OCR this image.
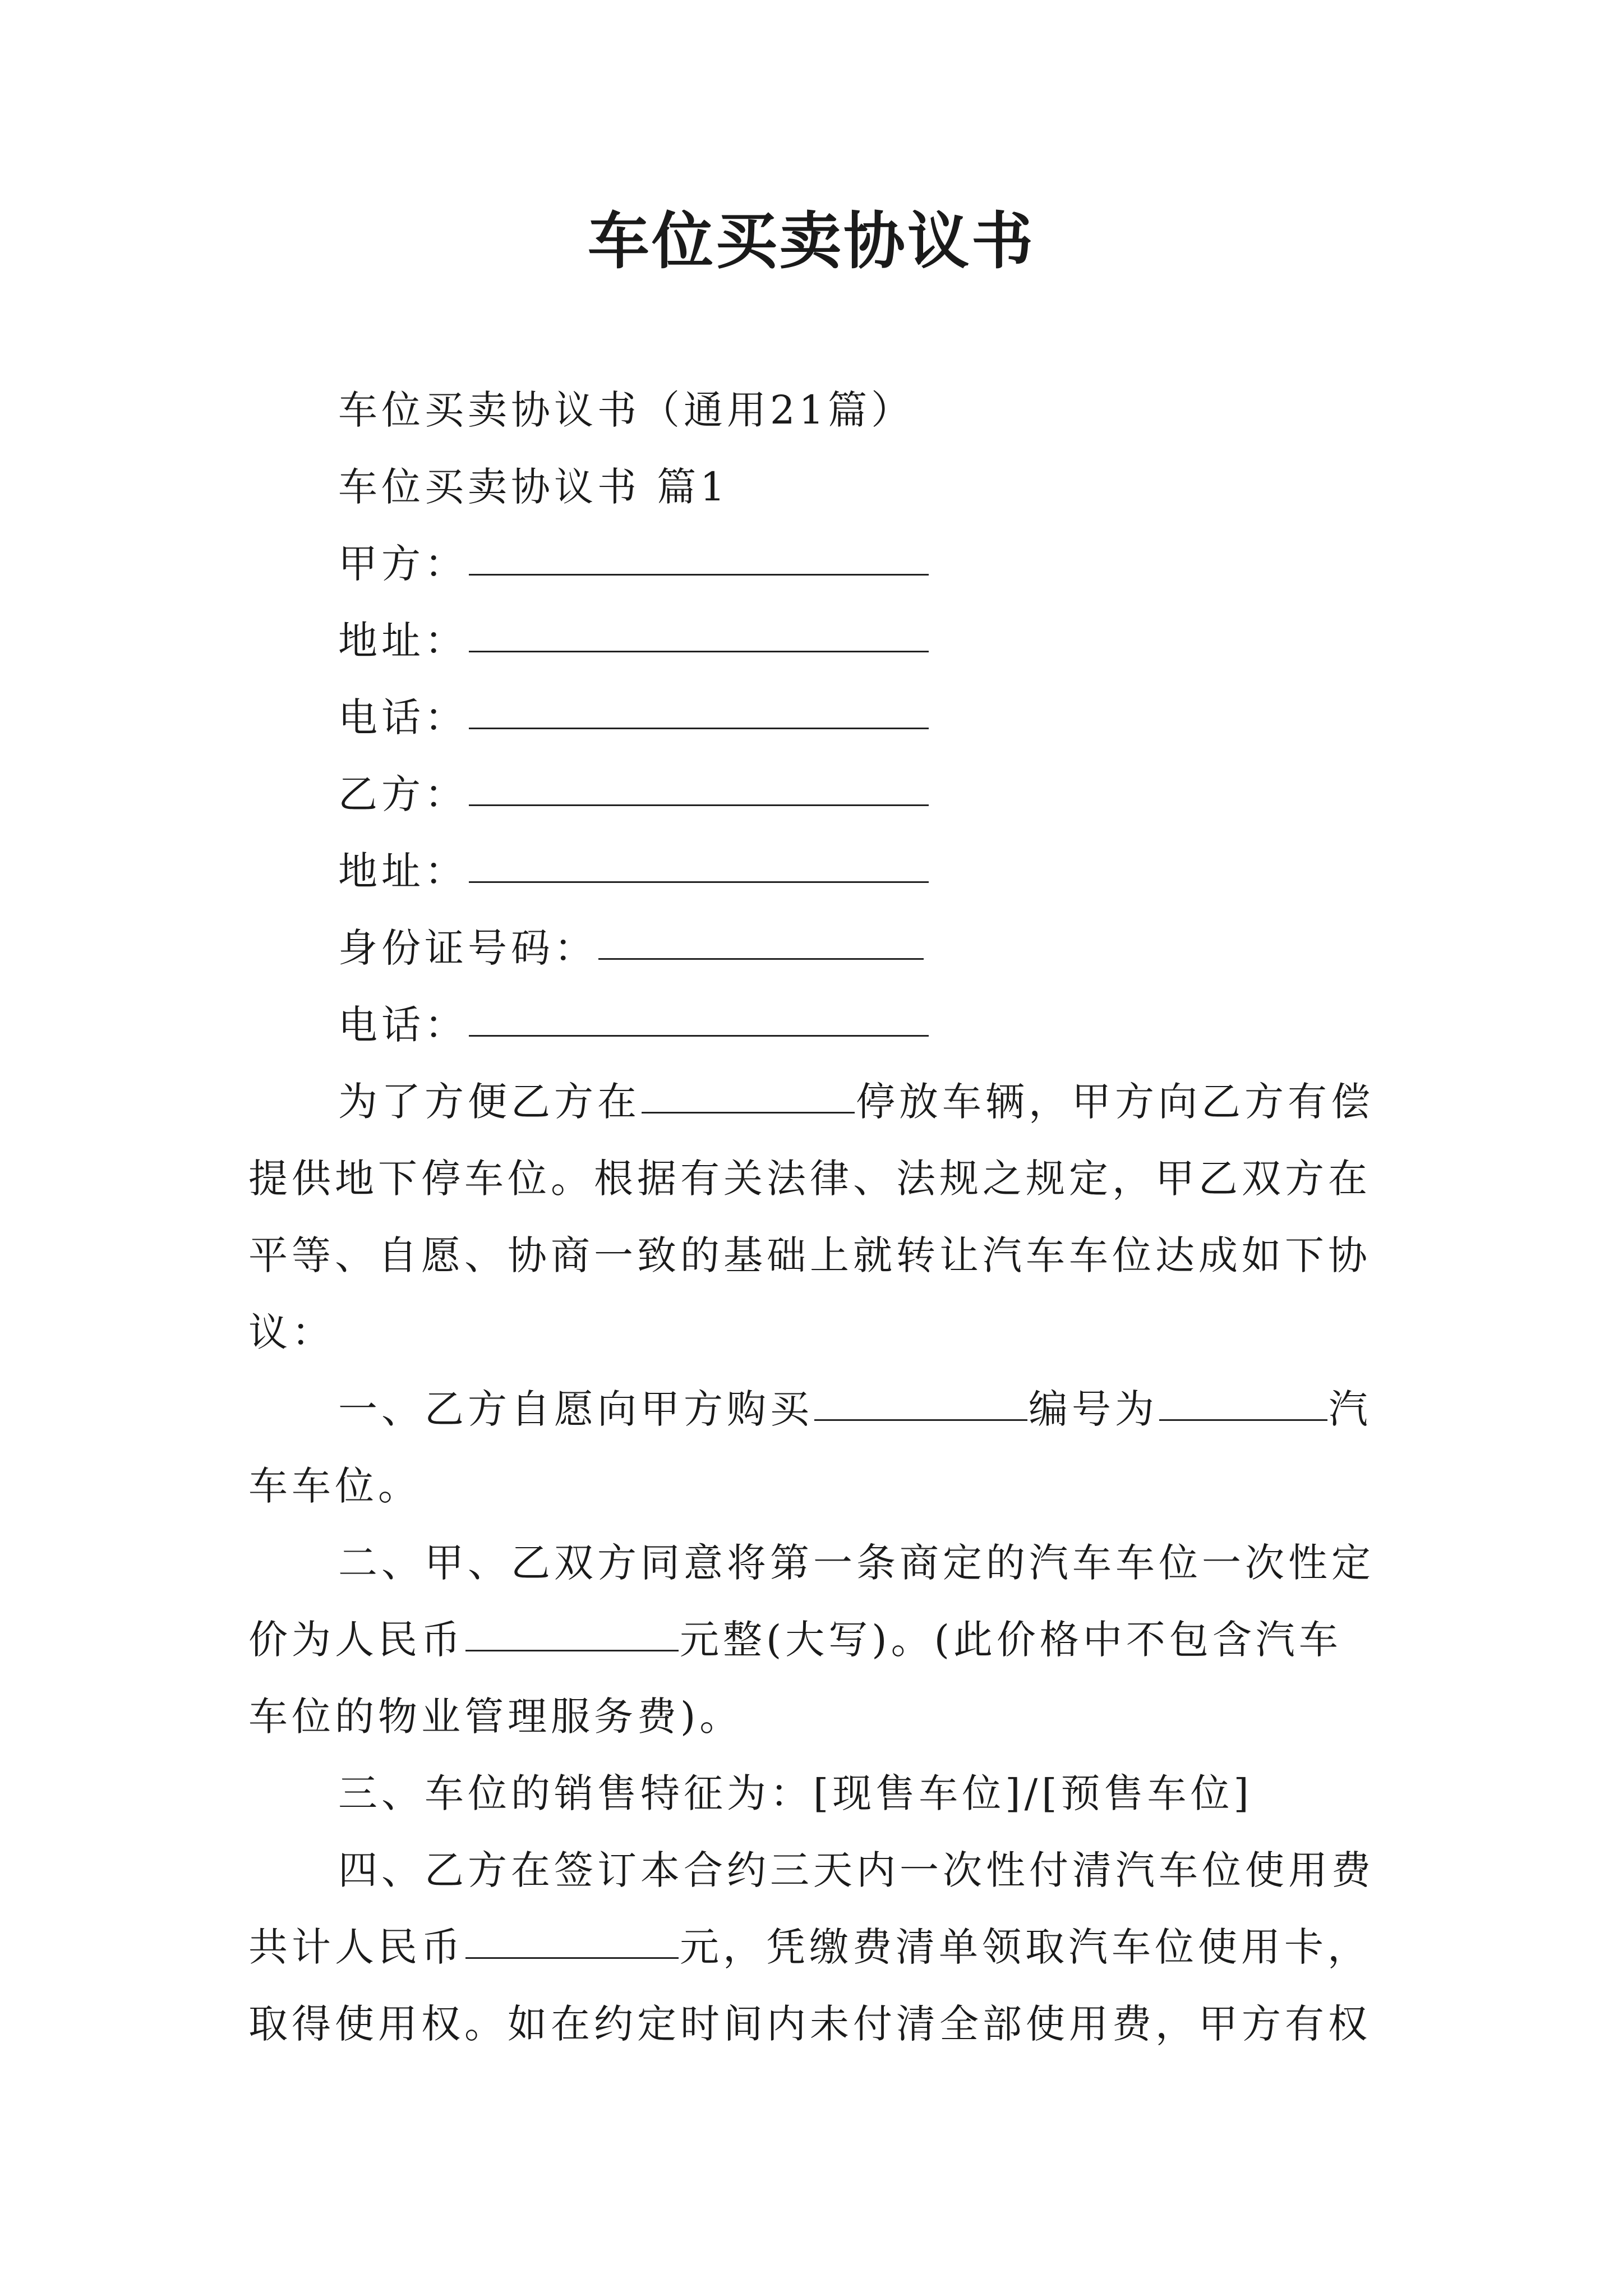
车位买卖协议书
车位买卖协议书（通用21篇）
车位买卖协议书 篇1
甲方：
地址：
电话：
乙方：
地址：
身份证号码：
电话：
为了方便乙方在	停放车辆，甲方向乙方有偿
提供地下停车位。根据有关法律、法规之规定，甲乙双方在
平等、自愿、协商一致的基础上就转让汽车车位达成如下协
议：
一、乙方自愿向甲方购买	编号为	汽
车车位。
二、甲、乙双方同意将第一条商定的汽车车位一次性定
价为人民币	元整(大写)。(此价格中不包含汽车
车位的物业管理服务费)。
三、车位的销售特征为：[现售车位]/[预售车位]
四、乙方在签订本合约三天内一次性付清汽车位使用费
共计人民币	元，凭缴费清单领取汽车位使用卡，
取得使用权。如在约定时间内未付清全部使用费，甲方有权
